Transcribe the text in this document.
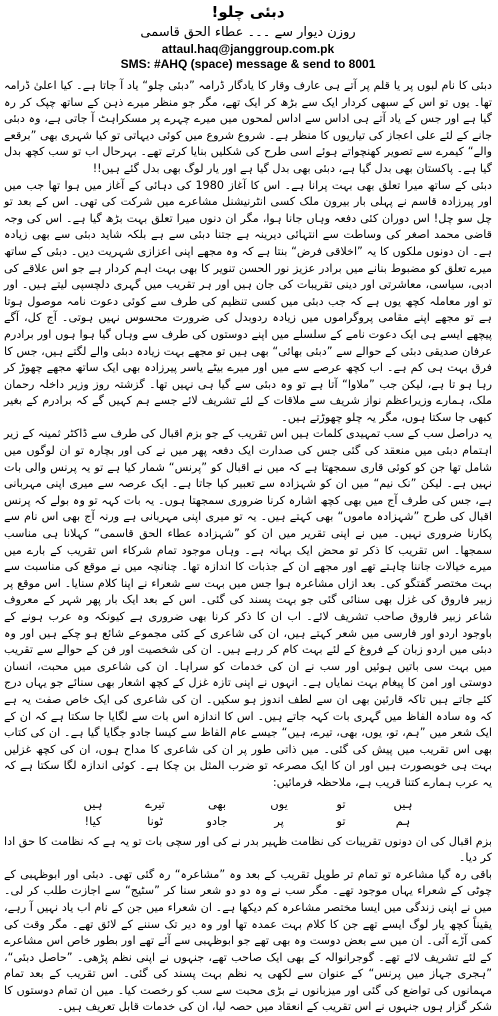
دبئی چلو!
روزن دیوار سے ۔۔۔ عطاء الحق قاسمی
attaul.haq@janggroup.com.pk
SMS: #AHQ (space) message & send to 8001

دبئی کا نام لبوں پر یا قلم پر آتے ہی عارف وقار کا یادگار ڈرامہ ”دبئی چلو“ یاد آ جاتا ہے۔ کیا اعلیٰ ڈرامہ تھا۔ یوں تو اس کے سبھی کردار ایک سے بڑھ کر ایک تھے، مگر جو منظر میرے ذہن کے ساتھ چپک کر رہ گیا ہے اور جس کے یاد آتے ہی اداس سے اداس لمحوں میں میرے چہرے پر مسکراہٹ آ جاتی ہے، وہ دبئی جانے کے لئے علی اعجاز کی تیاریوں کا منظر ہے۔ شروع شروع میں کوئی دیہاتی تو کیا شہری بھی ”برقعے والے“ کیمرے سے تصویر کھنچواتے ہوئے اسی طرح کی شکلیں بنایا کرتے تھے۔ بہرحال اب تو سب کچھ بدل گیا ہے۔ پاکستان بھی بدل گیا ہے، دبئی بھی بدل گیا ہے اور یار لوگ بھی بدل گئے ہیں!!

دبئی کے ساتھ میرا تعلق بھی بہت پرانا ہے۔ اس کا آغاز 1980 کی دہائی کے آغاز میں ہوا تھا جب میں اور پیرزادہ قاسم نے پہلی بار بیرون ملک کسی انٹرنیشنل مشاعرے میں شرکت کی تھی۔ اس کے بعد تو چل سو چل! اس دوران کئی دفعہ وہاں جانا ہوا، مگر ان دنوں میرا تعلق بہت بڑھ گیا ہے۔ اس کی وجہ قاضی محمد اصغر کی وساطت سے انتہائی دیرینہ ہے جتنا دبئی سے ہے بلکہ شاید دبئی سے بھی زیادہ ہے۔ ان دونوں ملکوں کا یہ ”اخلاقی فرض“ بنتا ہے کہ وہ مجھے اپنی اعزازی شہریت دیں۔ دبئی کے ساتھ میرے تعلق کو مضبوط بنانے میں برادر عزیز نور الحسن تنویر کا بھی بہت اہم کردار ہے جو اس علاقے کی ادبی، سیاسی، معاشرتی اور دینی تقریبات کی جان ہیں اور ہر تقریب میں گہری دلچسپی لیتے ہیں۔ اور تو اور معاملہ کچھ یوں ہے کہ جب دبئی میں کسی تنظیم کی طرف سے کوئی دعوت نامہ موصول ہوتا ہے تو مجھے اپنے مقامی پروگراموں میں زیادہ ردوبدل کی ضرورت محسوس نہیں ہوتی۔ آج کل، آگے پیچھے ایسے ہی ایک دعوت نامے کے سلسلے میں اپنے دوستوں کی طرف سے وہاں گیا ہوا ہوں اور برادرم عرفان صدیقی دبئی کے حوالے سے ”دبئی بھائی“ بھی ہیں تو مجھے بہت زیادہ دبئی والے لگتے ہیں، جس کا فرق بہت ہی کم ہے۔ اب کچھ عرصے سے میں اور میرے بیٹے یاسر پیرزادہ بھی ایک ساتھ مجھے چھوڑ کر رہا ہو تا ہے، لیکن جب ”ملاوا“ آتا ہے تو وہ دبئی سے گیا ہی نہیں تھا۔ گزشتہ روز وزیر داخلہ رحمان ملک، ہمارے وزیراعظم نواز شریف سے ملاقات کے لئے تشریف لائے جسے ہم کہیں گے کہ برادرم کے بغیر کبھی جا سکتا ہوں، مگر یہ چلو چھوڑتے ہیں۔

یہ دراصل سب کے سب تمہیدی کلمات ہیں اس تقریب کے جو بزم اقبال کی طرف سے ڈاکٹر ثمینہ کے زیر اہتمام دبئی میں منعقد کی گئی جس کی صدارت ایک دفعہ پھر میں نے کی اور بچارہ تو ان لوگوں میں شامل تھا جن کو کوئی قاری سمجھتا ہے کہ میں نے اقبال کو ”پرنس“ شمار کیا ہے تو یہ پرنس والی بات نہیں ہے۔ لیکن ”نک نیم“ میں ان کو شہزادہ سے تعبیر کیا جاتا ہے۔ ایک عرصہ سے میری اپنی مہربانی ہے، جس کی طرف آج میں بھی کچھ اشارہ کرنا ضروری سمجھتا ہوں۔ یہ بات کہہ تو وہ بولے کہ پرنس اقبال کی طرح ”شہزادہ ماموں“ بھی کہتے ہیں۔ یہ تو میری اپنی مہربانی ہے ورنہ آج بھی اس نام سے پکارنا ضروری نہیں۔ میں نے اپنی تقریر میں ان کو ”شہزادہ عطاء الحق قاسمی“ کہلانا ہی مناسب سمجھا۔ اس تقریب کا ذکر تو محض ایک بہانہ ہے۔ وہاں موجود تمام شرکاء اس تقریب کے بارے میں میرے خیالات جاننا چاہتے تھے اور مجھے ان کے جذبات کا اندازہ تھا۔ چنانچہ میں نے موقع کی مناسبت سے بہت مختصر گفتگو کی۔ بعد ازاں مشاعرہ ہوا جس میں بہت سے شعراء نے اپنا کلام سنایا۔ اس موقع پر زبیر فاروق کی غزل بھی سنائی گئی جو بہت پسند کی گئی۔ اس کے بعد ایک بار پھر شہر کے معروف شاعر زبیر فاروق صاحب تشریف لائے۔ اب ان کا ذکر کرنا بھی ضروری ہے کیونکہ وہ عرب ہونے کے باوجود اردو اور فارسی میں شعر کہتے ہیں، ان کی شاعری کے کئی مجموعے شائع ہو چکے ہیں اور وہ دبئی میں اردو زبان کے فروغ کے لئے بہت کام کر رہے ہیں۔ ان کی شخصیت اور فن کے حوالے سے تقریب میں بہت سی باتیں ہوئیں اور سب نے ان کی خدمات کو سراہا۔ ان کی شاعری میں محبت، انسان دوستی اور امن کا پیغام بہت نمایاں ہے۔ انہوں نے اپنی تازہ غزل کے کچھ اشعار بھی سنائے جو یہاں درج کئے جاتے ہیں تاکہ قارئین بھی ان سے لطف اندوز ہو سکیں۔ ان کی شاعری کی ایک خاص صفت یہ ہے کہ وہ سادہ الفاظ میں گہری بات کہہ جاتے ہیں۔ اس کا اندازہ اس بات سے لگایا جا سکتا ہے کہ ان کے ایک شعر میں ”ہم، تو، یوں، بھی، تیرے، ہیں“ جیسے عام الفاظ سے کیسا جادو جگایا گیا ہے۔ ان کی کتاب بھی اس تقریب میں پیش کی گئی۔ میں ذاتی طور پر ان کی شاعری کا مداح ہوں، ان کی کچھ غزلیں بہت ہی خوبصورت ہیں اور ان کا ایک مصرعہ تو ضرب المثل بن چکا ہے۔ کوئی اندازہ لگا سکتا ہے کہ یہ عرب ہمارے کتنا قریب ہے، ملاحظہ فرمائیں:

ہیں
تو
یوں
بھی
تیرے
ہیں
ہم
تو
پر
جادو
ٹونا
کیا!

بزم اقبال کی ان دونوں تقریبات کی نظامت ظہیر بدر نے کی اور سچی بات تو یہ ہے کہ نظامت کا حق ادا کر دیا۔

باقی رہ گیا مشاعرہ تو تمام تر طویل تقریب کے بعد وہ ”مشاعرہ“ رہ گئی تھی۔ دبئی اور ابوظہبی کے چوٹی کے شعراء یہاں موجود تھے۔ مگر سب نے وہ دو دو شعر سنا کر ”سٹیج“ سے اجازت طلب کر لی۔ میں نے اپنی زندگی میں ایسا مختصر مشاعرہ کم دیکھا ہے۔ ان شعراء میں جن کے نام اب یاد نہیں آ رہے، یقیناً کچھ یار لوگ ایسے تھے جن کا کلام بہت عمدہ تھا اور وہ دیر تک سننے کے لائق تھے۔ مگر وقت کی کمی آڑے آئی۔ ان میں سے بعض دوست وہ بھی تھے جو ابوظہبی سے آئے تھے اور بطور خاص اس مشاعرے کے لئے تشریف لائے تھے۔ گوجرانوالہ کے بھی ایک صاحب تھے، جنہوں نے اپنی نظم پڑھی۔ ”حاصل دبئی“، ”ہجری جہاز میں پرنس“ کے عنوان سے لکھی یہ نظم بہت پسند کی گئی۔ اس تقریب کے بعد تمام مہمانوں کی تواضع کی گئی اور میزبانوں نے بڑی محبت سے سب کو رخصت کیا۔ میں ان تمام دوستوں کا شکر گزار ہوں جنہوں نے اس تقریب کے انعقاد میں حصہ لیا، ان کی خدمات قابل تعریف ہیں۔
